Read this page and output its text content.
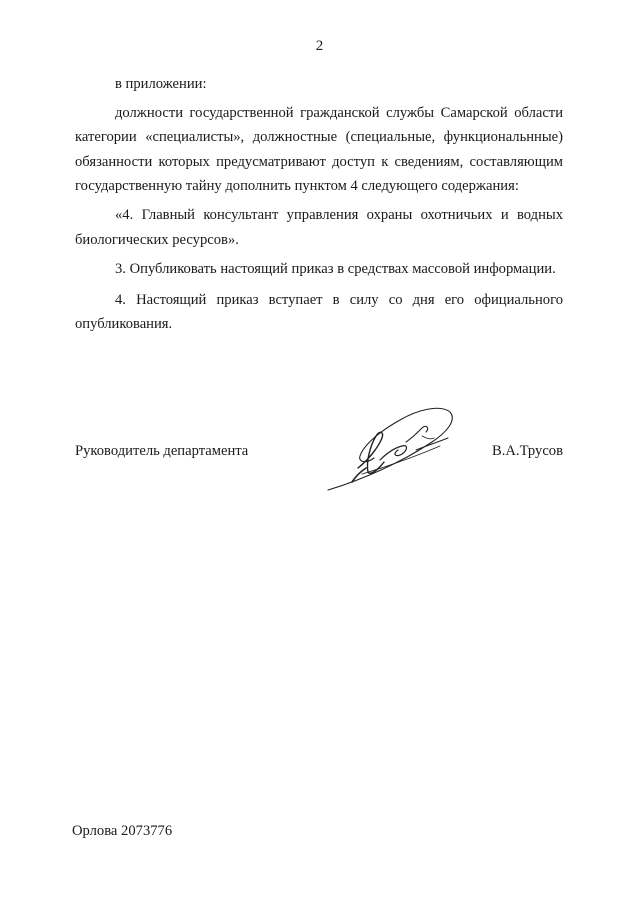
2

в приложении:

должности государственной гражданской службы Самарской области категории «специалисты», должностные (специальные, функциональнные) обязанности которых предусматривают доступ к сведениям, составляющим государственную тайну дополнить пунктом 4 следующего содержания:

«4. Главный консультант управления охраны охотничьих и водных биологических ресурсов».

3. Опубликовать настоящий приказ в средствах массовой информации.

4. Настоящий приказ вступает в силу со дня его официального опубликования.

Руководитель департамента	В.А.Трусов
Орлова 2073776
